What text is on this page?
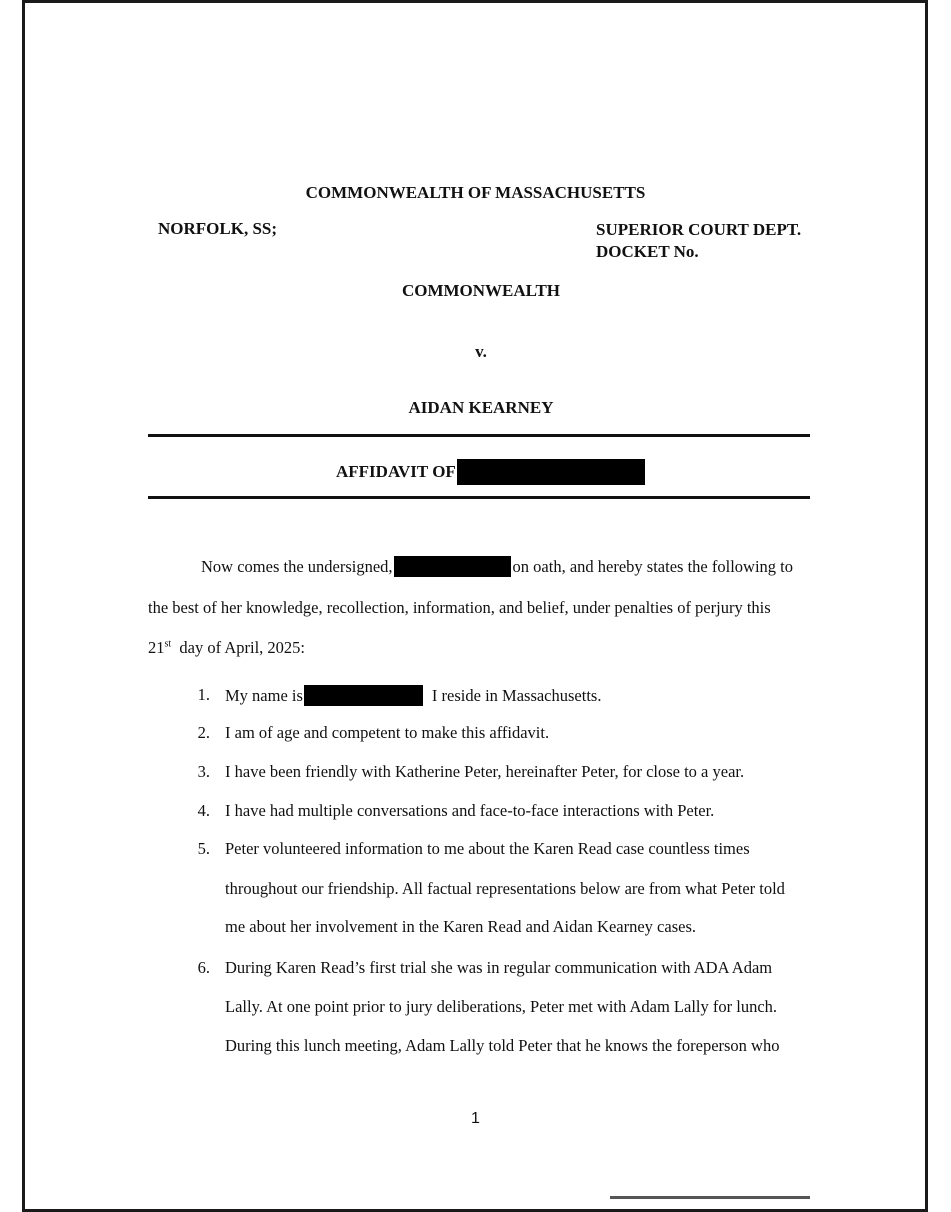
COMMONWEALTH OF MASSACHUSETTS
NORFOLK, SS;	SUPERIOR COURT DEPT.
DOCKET No.
COMMONWEALTH
v.
AIDAN KEARNEY
AFFIDAVIT OF
Now comes the undersigned,	on oath, and hereby states the following to
the best of her knowledge, recollection, information, and belief, under penalties of perjury this
21st day of April, 2025:
1. My name is	I reside in Massachusetts.
2. I am of age and competent to make this affidavit.
3. I have been friendly with Katherine Peter, hereinafter Peter, for close to a year.
4. I have had multiple conversations and face-to-face interactions with Peter.
5. Peter volunteered information to me about the Karen Read case countless times
throughout our friendship. All factual representations below are from what Peter told
me about her involvement in the Karen Read and Aidan Kearney cases.
6. During Karen Read’s first trial she was in regular communication with ADA Adam
Lally. At one point prior to jury deliberations, Peter met with Adam Lally for lunch.
During this lunch meeting, Adam Lally told Peter that he knows the foreperson who
1
